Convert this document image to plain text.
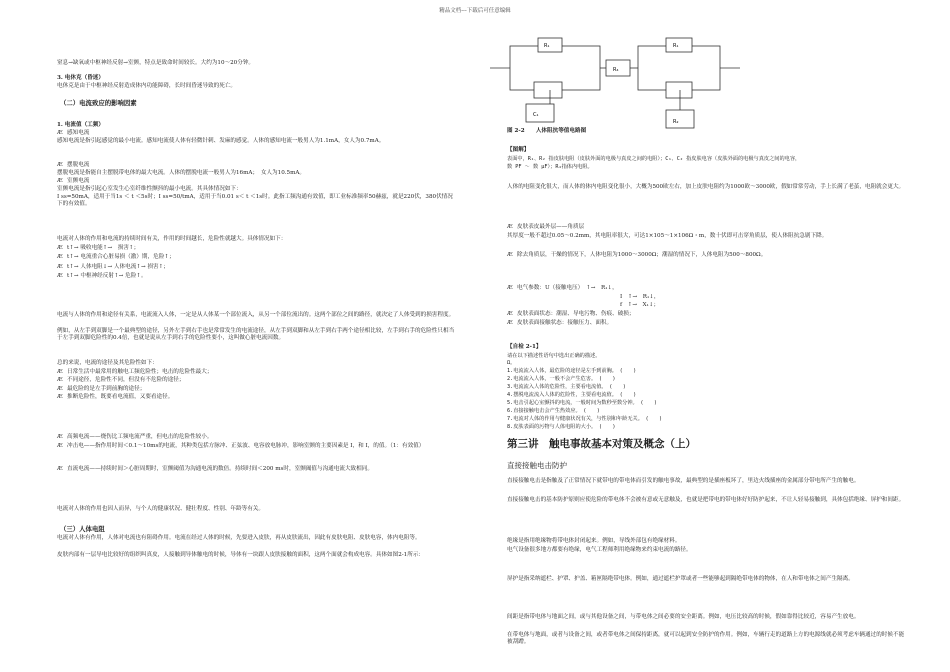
精品文档---下载后可任意编辑
窒息→缺氧或中枢神经反射→室颤，特点是致命时间较长。大约为10～20分钟。
3. 电休克（昏迷）
电休克是由于中枢神经反射造成体内功能障碍，长时间昏迷导致的死亡。
（二）电流致应的影响因素
1. 电流值（工频）
Æ 感知电流
感知电流是指引起感觉的最小电流。感知电流使人体有轻微针刺、发麻的感觉。人体的感知电流一般男人为1.1mA，女人为0.7mA。
Æ 摆脱电流
摆脱电流是指能自主摆脱带电体的最大电流。人体的摆脱电流一般男人为16mA；　女人为10.5mA。
Æ 室颤电流
室颤电流是指引起心室发生心室纤维性颤抖的最小电流。其具体情况如下：
I ss=50mA，适用于当1s ＜ t ＜5s时；I ss=50/tmA，适用于当0.01 s＜ t ＜1s时。此指工频沟通有效值，即工业标准频率50赫兹，就是220伏，380伏情况下的有效值。
电流对人体的作用和电流的持续时间有关，作用的时间越长，危险性就越大。具体情况如下：
Æ t↑→ 吸收电能↑→　损害↑；
Æ t↑→ 电流重合心脏易损（激）期，危险↑；
Æ t↑→ 人体电阻↓→ 人体电流↑→ 损害↑；
Æ t↑→ 中枢神经反射↑→ 危险↑。
电流与人体的作用和途径有关系，电流流入人体，一定是从人体某一个部位流入，从另一个部位流出的。这两个部位之间的路径，就决定了人体受到的损害程度。
例如，从左手到双脚是一个最典型的途径，另外左手到右手也是常常发生的电流途径，从左手到双脚和从左手到右手两个途径相比较，左手到右手的危险性只相当于左手到双脚危险性的0.4倍，也就是说从左手到右手的危险性要小，这叫做心脏电流因数。
总的来说，电流的途径及其危险性如下：
Æ 日常生活中最常用的触电工频危险性；电击的危险性最大；
Æ 不同途径，危险性不同，但没有不危险的途径；
Æ 最危险的是左手到前胸的途径；
Æ 推断危险性，既要看电流值，又要看途径。
Æ 高频电流——烧伤比工频电流严重，但电击的危险性较小。
Æ 冲击电——指作用时间＜0.1～10ms的电流，其种类包括方脉冲、正弦波、电容放电脉冲，影响室颤的主要因素是 I，和 I，的值。（1：有效值）
Æ 直流电流——持续时间＞心脏周期时，室颤阈值为沟通电流的数倍。持续时间＜200 ms时，室颤阈值与沟通电流大致相同。
电流对人体的作用也因人而异，与个人的健康状况、健壮程度、性别、年龄等有关。
（三）人体电阻
电流对人体有作用，人体对电流也有阻碍作用。电流在经过人体的时候，先要进入皮肤，再从皮肤流出，因此有皮肤电阻、皮肤电容，体内电阻等。
皮肤内部有一层导电比较好的组织叫真皮，人接触到导体触电的时候，导体有一块跟人皮肤接触的面积，这两个面就会构成电容。具体如图2-1所示：
R₁
R₄
R₁
C₁
R₂
图 2-2　　人体阻抗等值电路图
【图解】
表面中，R₁、R₂ 指皮肤电阻（皮肤外面的电极与真皮之间的电阻）；C₁、C₂ 指皮肤电容（皮肤外面的电极与真皮之间的电容，
数 PF ～ 数 μF）；R₄指体内电阻。
人体的电阻变化很大，而人体的体内电阻变化很小，大概为500欧左右，加上皮肤电阻约为1000欧～3000欧，假如常常劳动，手上长满了老茧，电阻就会更大。
Æ 皮肤表皮最外层——角质层
其厚度一般不超过0.05～0.2mm，其电阻率很大，可达1×105～1×106Ω・m，数十伏即可击穿角质层，使人体阻抗急剧下降。
Æ 除去角质层，干燥的情况下，人体电阻为1000～3000Ω；潮湿的情况下，人体电阻为500～800Ω。
Æ 电气参数：U（接触电压）　↑→　R₁↓，
I　↑→　R₁↓，
f　↑→　X₁↓；
Æ 皮肤表面状态：潮湿、导电污物、伤痕、破损；
Æ 皮肤表面接触状态：接触压力、面积。
【自检 2-1】
请在以下描述性语句中选出正确的描述。
Ω。
1.电流流入人体，最危险的途径是左手到前胸。　(　　)
2.电流流入人体，一般不会产生危害。　(　　)
3.电流流入人体的危险性，主要看电流值。　(　　)
4.摆脱电流流入人体的危险性，主要看电流值。　(　　)
5.电击引起心室颤抖的电流，一般时间为数秒至数分钟。　(　　)
6.直接接触电击会产生热效应。　(　　)
7.电流对人体的作用与健康状况有关，与性别和年龄无关。　(　　)
8.皮肤表面的污物与人体电阻的大小。　(　　)
第三讲　触电事故基本对策及概念（上）
直接接触电击防护
直接接触电击是指触及了正常情况下就带电的带电体而引发的触电事故，最典型的是插座板坏了，里边火线插座的金属部分带电所产生的触电。
直接接触电击的基本防护原则应使危险的带电体不会被有意或无意触及，也就是把带电的带电体好好防护起来，不让人轻易接触到，具体包括绝缘、屏护和间距。
绝缘是指用绝缘物将带电体封闭起来。例如，导线外部包有绝缘材料。
电气设备很多地方都要有绝缘，电气工程师利用绝缘物来约束电流的路径。
屏护是指采纳遮栏、护罩、护盖、箱匣隔绝带电体。例如，通过遮栏护罩或者一些能够起到隔绝带电体的物体，在人和带电体之间产生隔离。
间距是指带电体与地面之间，或与其他设备之间，与带电体之间必要的安全距离。例如，电压比较高的时候，假如靠得比较近，容易产生放电。
在带电体与地面，或者与设备之间，或者带电体之间保持距离，就可以起到安全防护的作用。例如，车辆行走的道路上方的电源线就必须考虑车辆通过的时候不能被刮蹭。
